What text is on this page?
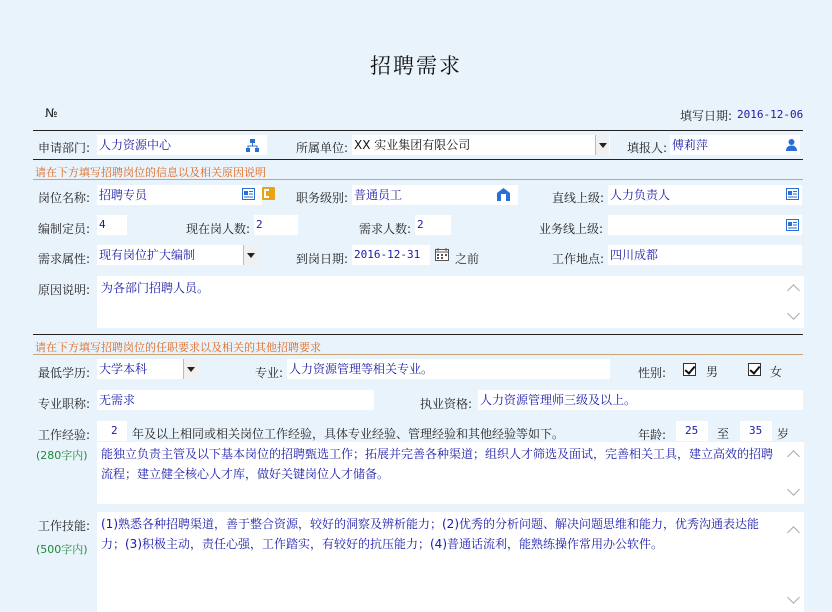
招聘需求
№	填写日期: 2016-12-06
申请部门: 人力资源中心	所属单位: XX 实业集团有限公司	填报人: 傅莉萍
请在下方填写招聘岗位的信息以及相关原因说明
岗位名称: 招聘专员	职务级别: 普通员工	直线上级: 人力负责人
编制定员: 4	现在岗人数: 2	需求人数: 2	业务线上级:
需求属性: 现有岗位扩大编制	到岗日期: 2016-12-31	之前	工作地点: 四川成都
原因说明: 为各部门招聘人员。
请在下方填写招聘岗位的任职要求以及相关的其他招聘要求
最低学历: 大学本科	专业: 人力资源管理等相关专业。	性别:	男	女
专业职称: 无需求	执业资格: 人力资源管理师三级及以上。
工作经验:	2	年及以上相同或相关岗位工作经验，具体专业经验、管理经验和其他经验等如下。	年龄:	25	至	35	岁
(280字内)	能独立负责主管及以下基本岗位的招聘甄选工作；拓展并完善各种渠道；组织人才筛选及面试，完善相关工具，建立高效的招聘流程；建立健全核心人才库，做好关键岗位人才储备。
工作技能:
(500字内)
(1)熟悉各种招聘渠道，善于整合资源，较好的洞察及辨析能力；(2)优秀的分析问题、解决问题思维和能力，优秀沟通表达能力；(3)积极主动，责任心强，工作踏实，有较好的抗压能力；(4)普通话流利，能熟练操作常用办公软件。
